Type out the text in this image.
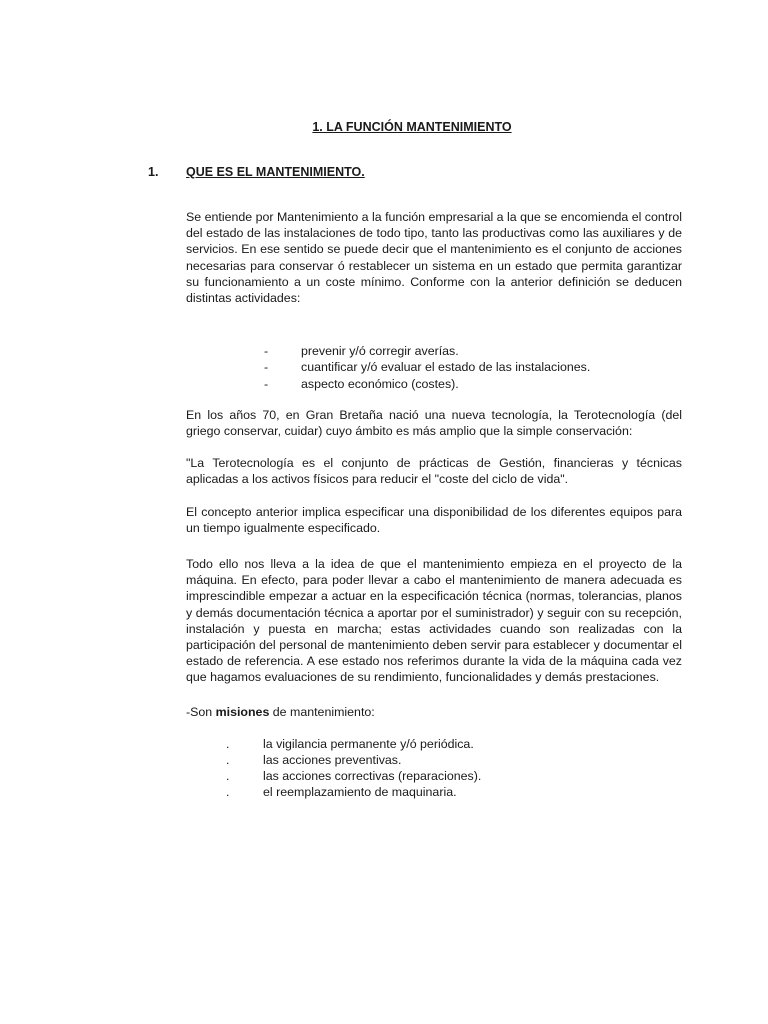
1. LA FUNCIÓN MANTENIMIENTO
1. QUE ES EL MANTENIMIENTO.

Se entiende por Mantenimiento a la función empresarial a la que se encomienda el control del estado de las instalaciones de todo tipo, tanto las productivas como las auxiliares y de servicios. En ese sentido se puede decir que el mantenimiento es el conjunto de acciones necesarias para conservar ó restablecer un sistema en un estado que permita garantizar su funcionamiento a un coste mínimo. Conforme con la anterior definición se deducen distintas actividades:

-	prevenir y/ó corregir averías.
-	cuantificar y/ó evaluar el estado de las instalaciones.
-	aspecto económico (costes).

En los años 70, en Gran Bretaña nació una nueva tecnología, la Terotecnología (del griego conservar, cuidar) cuyo ámbito es más amplio que la simple conservación:

"La Terotecnología es el conjunto de prácticas de Gestión, financieras y técnicas aplicadas a los activos físicos para reducir el "coste del ciclo de vida".

El concepto anterior implica especificar una disponibilidad de los diferentes equipos para un tiempo igualmente especificado.

Todo ello nos lleva a la idea de que el mantenimiento empieza en el proyecto de la máquina. En efecto, para poder llevar a cabo el mantenimiento de manera adecuada es imprescindible empezar a actuar en la especificación técnica (normas, tolerancias, planos y demás documentación técnica a aportar por el suministrador) y seguir con su recepción, instalación y puesta en marcha; estas actividades cuando son realizadas con la participación del personal de mantenimiento deben servir para establecer y documentar el estado de referencia. A ese estado nos referimos durante la vida de la máquina cada vez que hagamos evaluaciones de su rendimiento, funcionalidades y demás prestaciones.

-Son misiones de mantenimiento:

.	la vigilancia permanente y/ó periódica.
.	las acciones preventivas.
.	las acciones correctivas (reparaciones).
.	el reemplazamiento de maquinaria.
